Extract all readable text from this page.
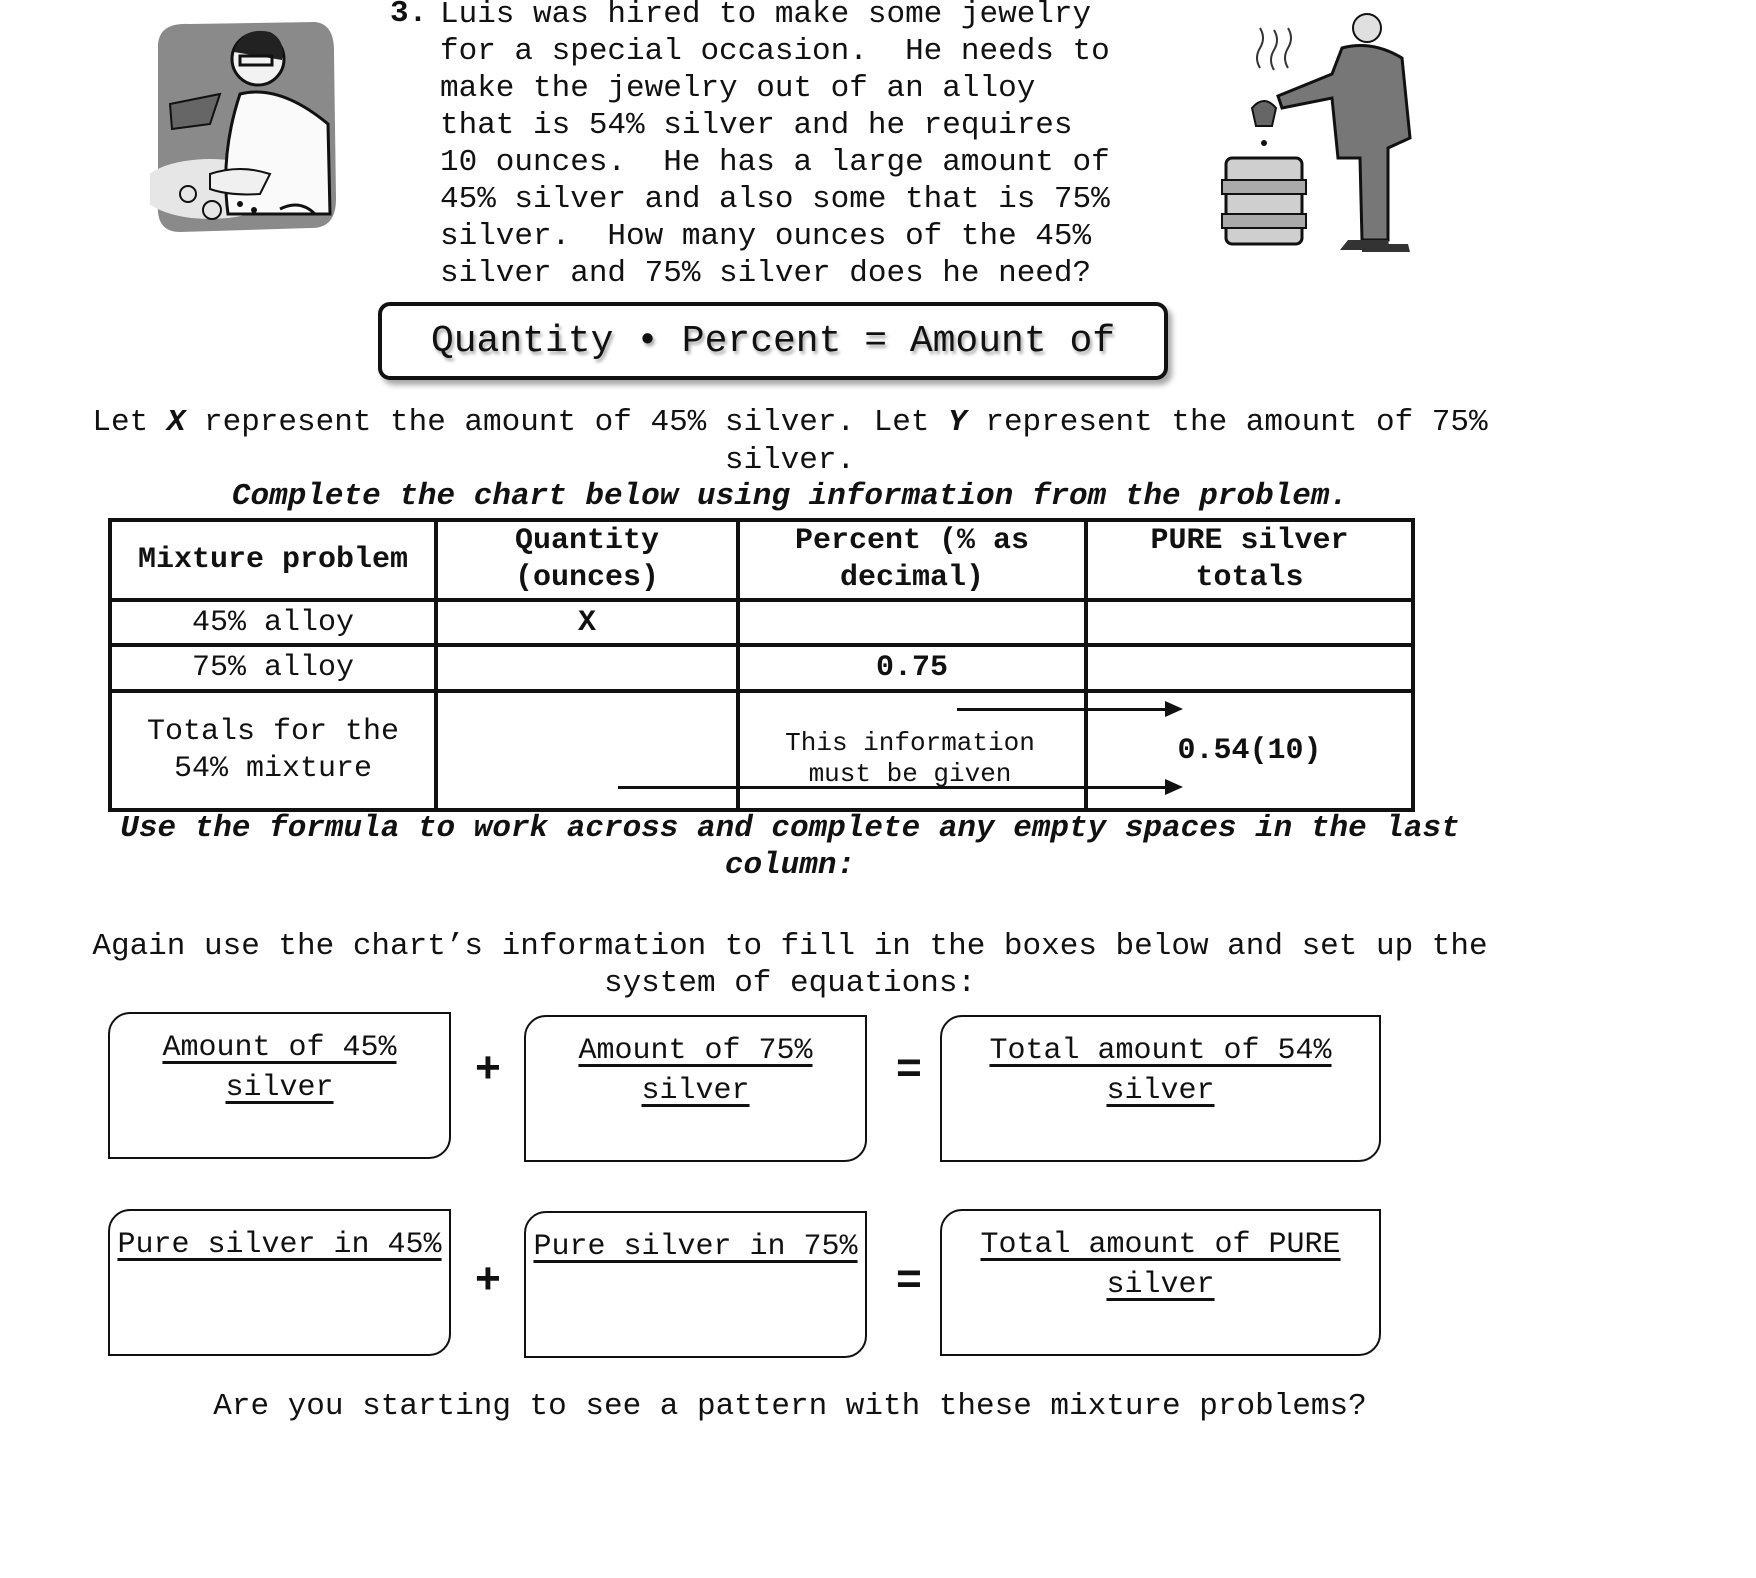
3. Luis was hired to make some jewelry
for a special occasion.  He needs to
make the jewelry out of an alloy
that is 54% silver and he requires
10 ounces.  He has a large amount of
45% silver and also some that is 75%
silver.  How many ounces of the 45%
silver and 75% silver does he need?
Quantity • Percent = Amount of
Let X represent the amount of 45% silver. Let Y represent the amount of 75% silver.
Complete the chart below using information from the problem.
Mixture problem	Quantity (ounces)	Percent (% as decimal)	PURE silver totals
45% alloy	X		
75% alloy		0.75	
Totals for the 54% mixture			0.54(10)
This information must be given
Use the formula to work across and complete any empty spaces in the last column:
Again use the chart’s information to fill in the boxes below and set up the system of equations:
Amount of 45% silver	+	Amount of 75% silver	=	Total amount of 54% silver
Pure silver in 45%
+
Pure silver in 75%
=
Total amount of PURE silver
Are you starting to see a pattern with these mixture problems?
